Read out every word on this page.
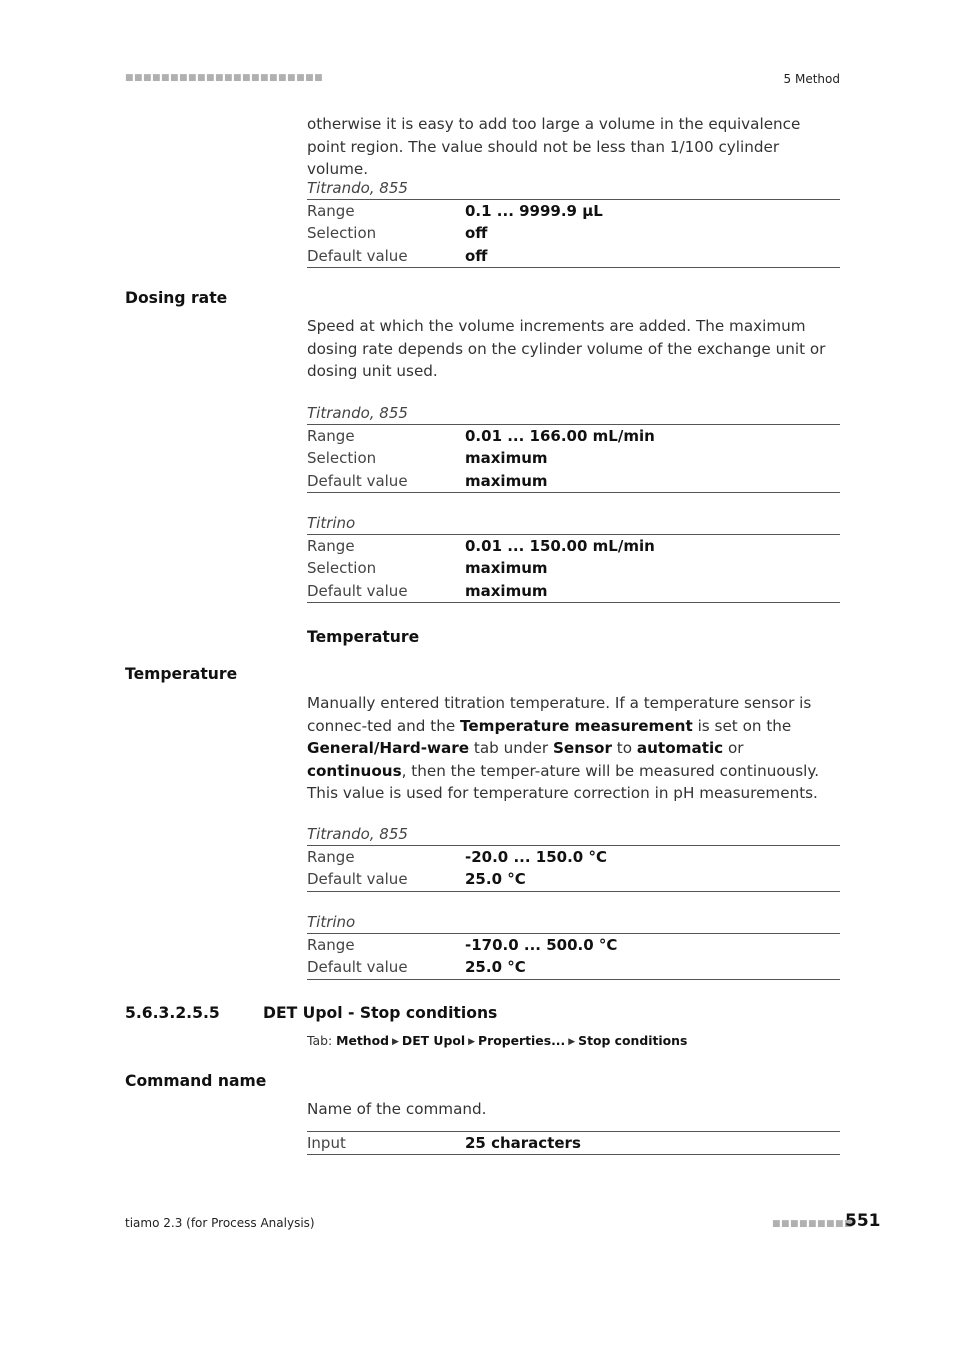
■■■■■■■■■■■■■■■■■■■■■■	5 Method
otherwise it is easy to add too large a volume in the equivalence point region. The value should not be less than 1/100 cylinder volume.
Titrando, 855
Range	0.1 ... 9999.9 µL
Selection	off
Default value	off
Dosing rate
Speed at which the volume increments are added. The maximum dosing rate depends on the cylinder volume of the exchange unit or dosing unit used.
Titrando, 855
Range	0.01 ... 166.00 mL/min
Selection	maximum
Default value	maximum
Titrino
Range	0.01 ... 150.00 mL/min
Selection	maximum
Default value	maximum
Temperature
Temperature
Manually entered titration temperature. If a temperature sensor is connec-ted and the Temperature measurement is set on the General/Hard-ware tab under Sensor to automatic or continuous, then the temper-ature will be measured continuously. This value is used for temperature correction in pH measurements.
Titrando, 855
Range	-20.0 ... 150.0 °C
Default value	25.0 °C
Titrino
Range	-170.0 ... 500.0 °C
Default value	25.0 °C
5.6.3.2.5.5	DET Upol - Stop conditions
Tab: Method ▶ DET Upol ▶ Properties... ▶ Stop conditions
Command name
Name of the command.
Input	25 characters
tiamo 2.3 (for Process Analysis)	■■■■■■■■■
551
